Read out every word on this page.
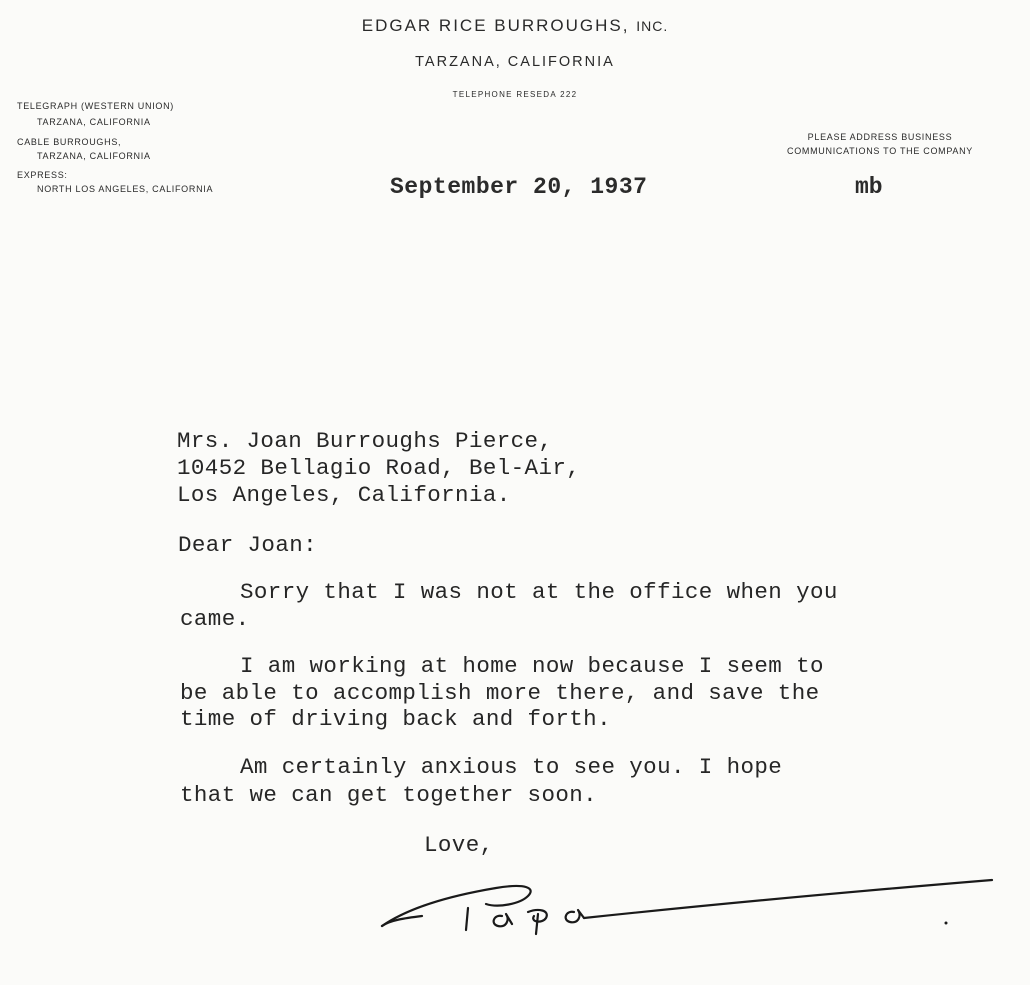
EDGAR RICE BURROUGHS, INC.
TARZANA, CALIFORNIA
TELEPHONE RESEDA 222
TELEGRAPH (WESTERN UNION)
TARZANA, CALIFORNIA
CABLE BURROUGHS,
TARZANA, CALIFORNIA
EXPRESS:
NORTH LOS ANGELES, CALIFORNIA
PLEASE ADDRESS BUSINESS
COMMUNICATIONS TO THE COMPANY
September 20, 1937	mb
Mrs. Joan Burroughs Pierce,
10452 Bellagio Road, Bel-Air,
Los Angeles, California.
Dear Joan:
Sorry that I was not at the office when you
came.
I am working at home now because I seem to
be able to accomplish more there, and save the
time of driving back and forth.
Am certainly anxious to see you. I hope
that we can get together soon.
Love,
